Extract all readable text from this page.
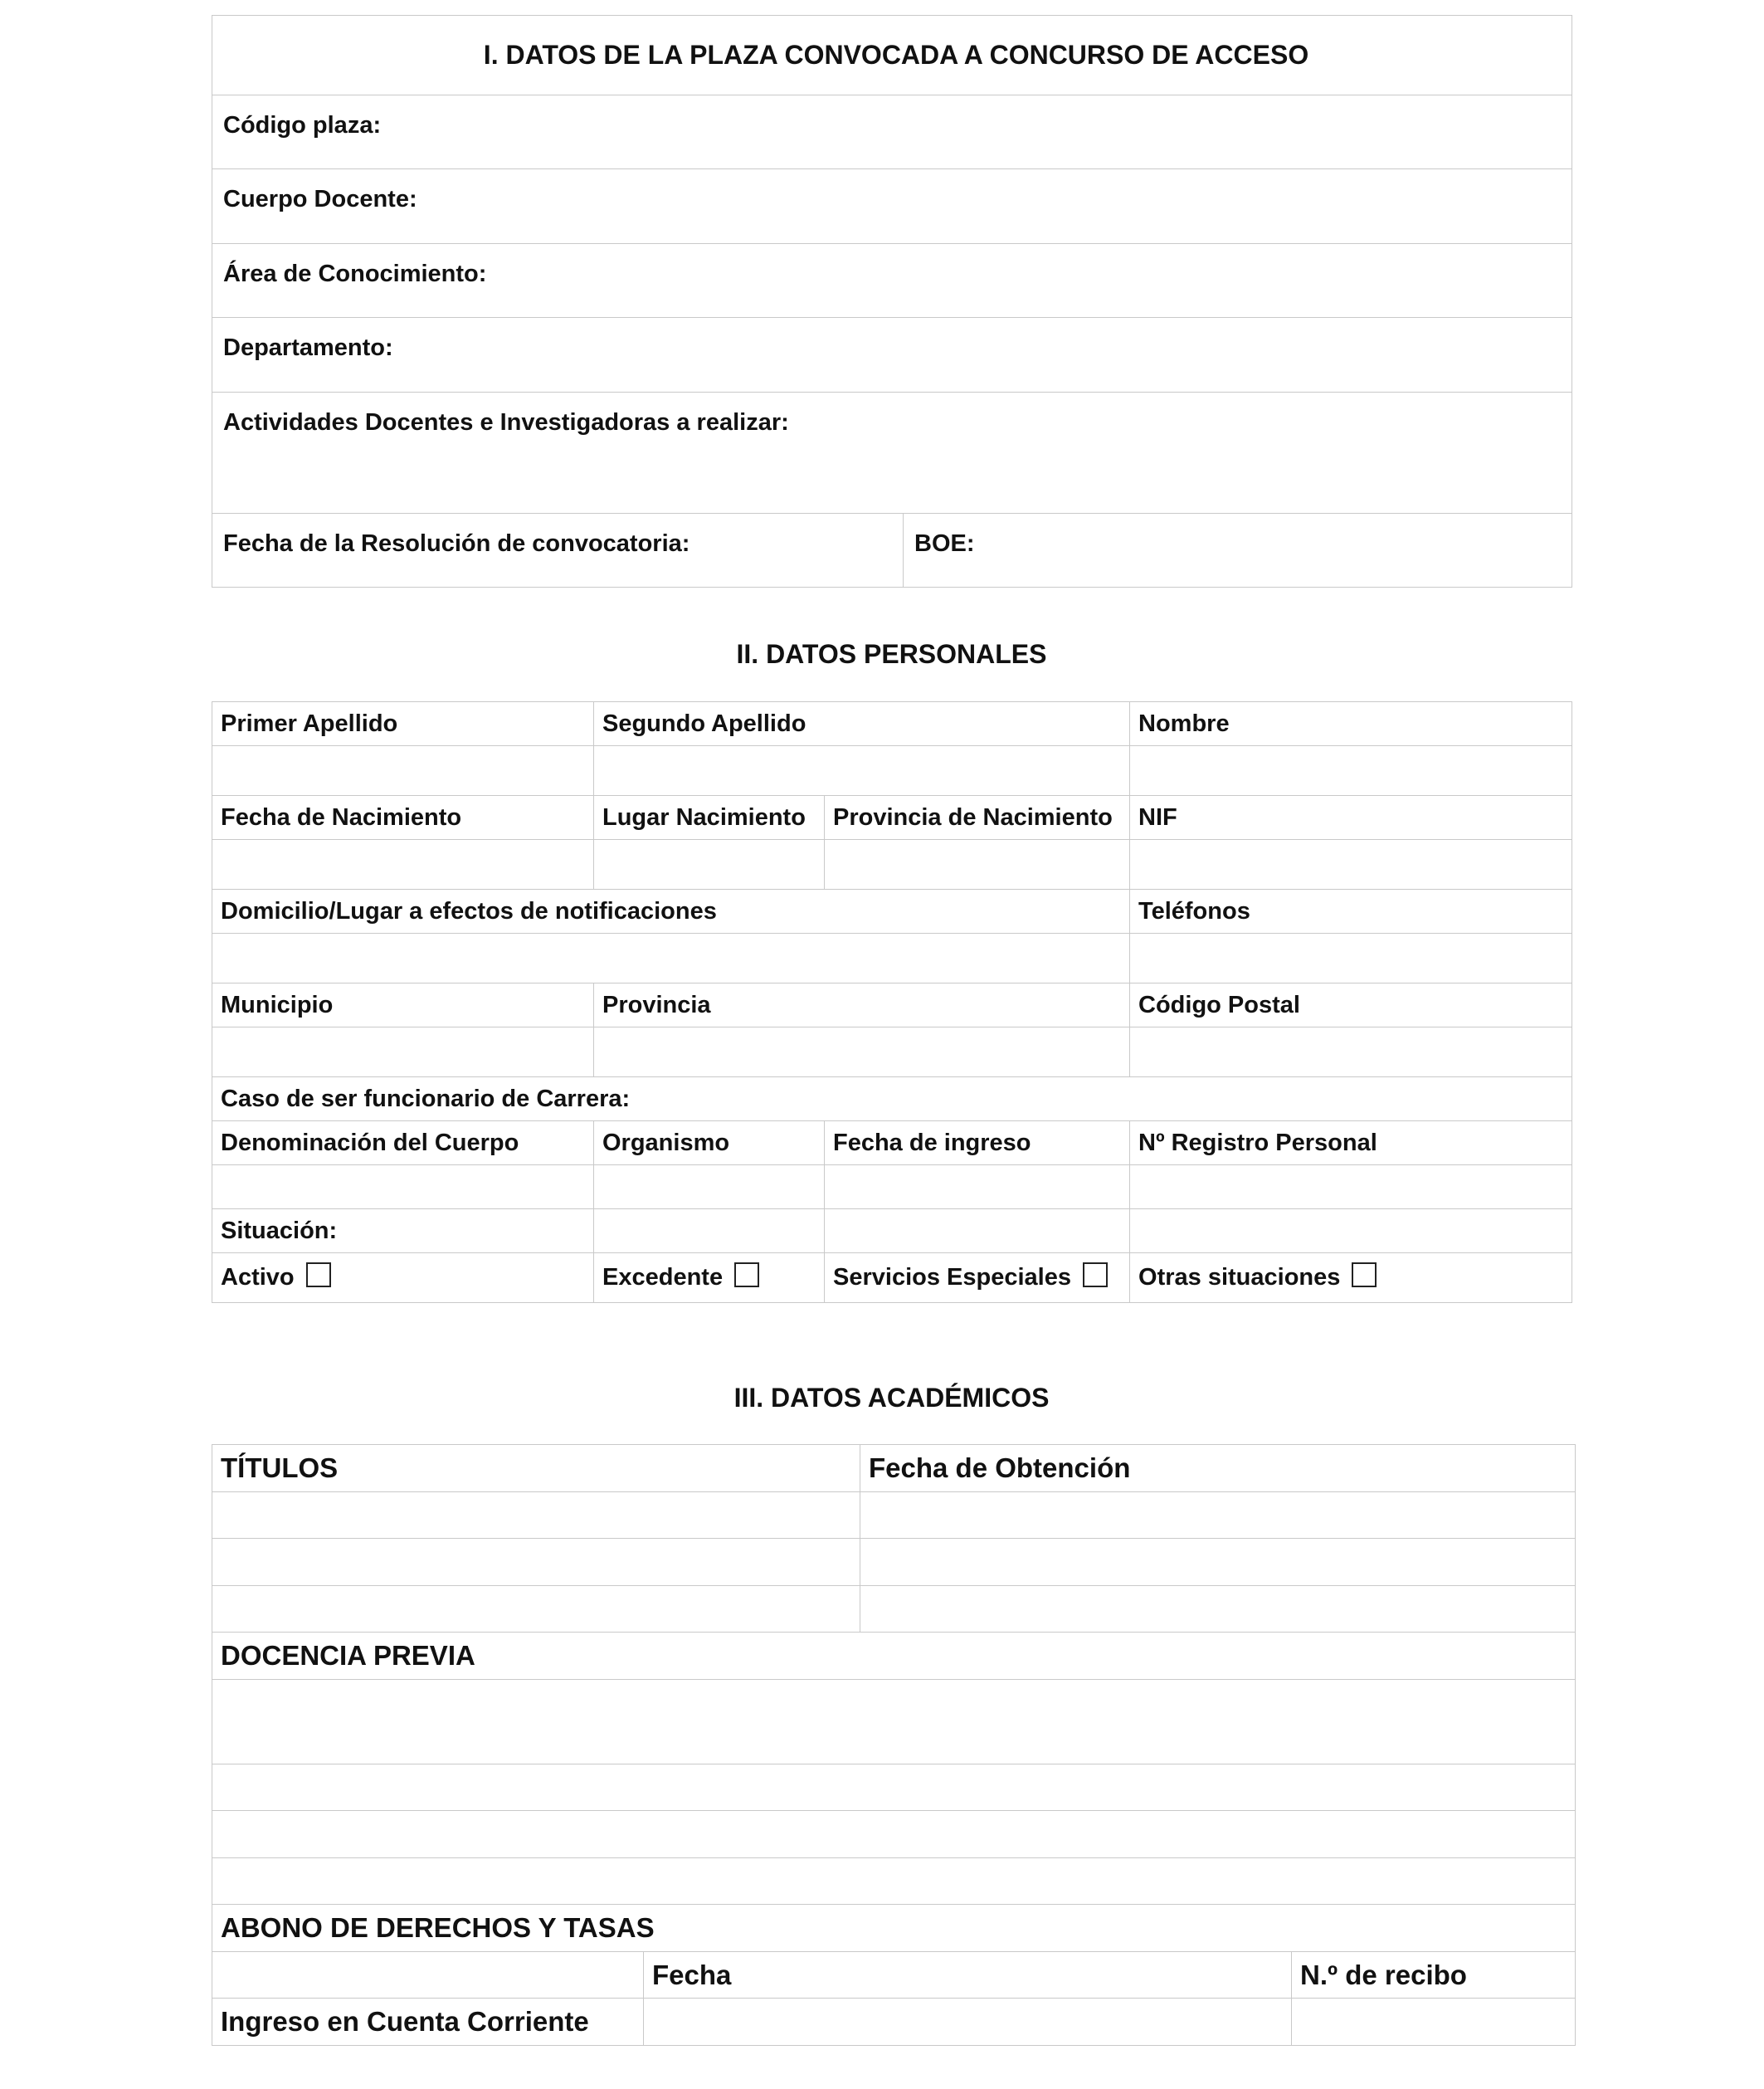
I. DATOS DE LA PLAZA CONVOCADA A CONCURSO DE ACCESO
Código plaza:
Cuerpo Docente:
Área de Conocimiento:
Departamento:
Actividades Docentes e Investigadoras a realizar:
Fecha de la Resolución de convocatoria:	BOE:

II. DATOS PERSONALES

Primer Apellido	Segundo Apellido		Nombre

Fecha de Nacimiento	Lugar Nacimiento	Provincia de Nacimiento	NIF

Domicilio/Lugar a efectos de notificaciones			Teléfonos

Municipio	Provincia		Código Postal

Caso de ser funcionario de Carrera:			
Denominación del Cuerpo	Organismo	Fecha de ingreso	Nº Registro Personal

Situación:			
Activo	Excedente	Servicios Especiales	Otras situaciones

III. DATOS ACADÉMICOS

TÍTULOS		Fecha de Obtención	

DOCENCIA PREVIA			

ABONO DE DERECHOS Y TASAS			
	Fecha		N.º de recibo
Ingreso en Cuenta Corriente			
